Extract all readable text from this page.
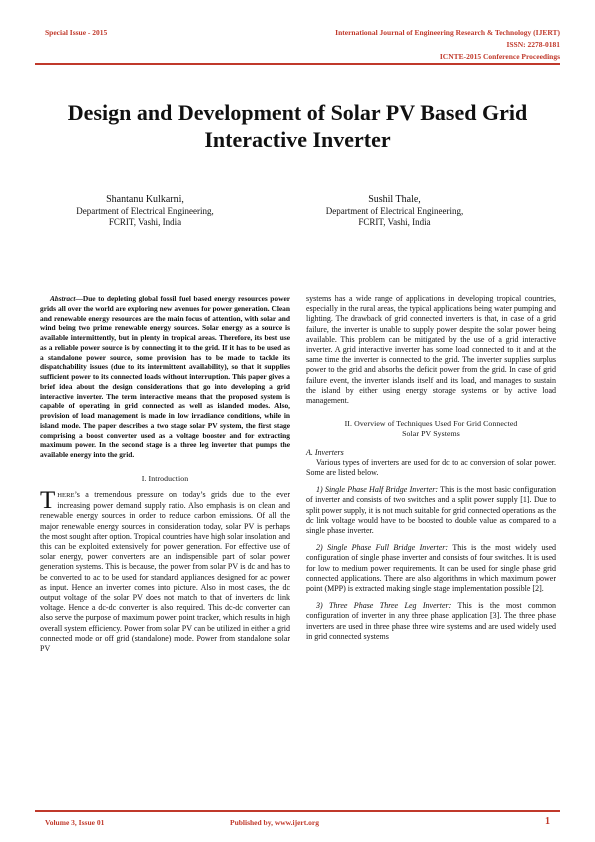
Special Issue - 2015	International Journal of Engineering Research & Technology (IJERT)
ISSN: 2278-0181
ICNTE-2015 Conference Proceedings
Design and Development of Solar PV Based Grid
Interactive Inverter
Shantanu Kulkarni,
Department of Electrical Engineering,
FCRIT, Vashi, India
Sushil Thale,
Department of Electrical Engineering,
FCRIT, Vashi, India

Abstract—Due to depleting global fossil fuel based energy resources power grids all over the world are exploring new avenues for power generation. Clean and renewable energy resources are the main focus of attention, with solar and wind being two prime renewable energy sources. Solar energy as a source is available intermittently, but in plenty in tropical areas. Therefore, its best use as a reliable power source is by connecting it to the grid. If it has to be used as a standalone power source, some provision has to be made to tackle its dispatchability issues (due to its intermittent availability), so that it supplies sufficient power to its connected loads without interruption. This paper gives a brief idea about the design considerations that go into developing a grid interactive inverter. The term interactive means that the proposed system is capable of operating in grid connected as well as islanded modes. Also, provision of load management is made in low irradiance conditions, while in island mode. The paper describes a two stage solar PV system, the first stage comprising a boost converter used as a voltage booster and for extracting maximum power. In the second stage is a three leg inverter that pumps the available energy into the grid.

I. Introduction

THERE’s a tremendous pressure on today’s grids due to the ever increasing power demand supply ratio. Also emphasis is on clean and renewable energy sources in order to reduce carbon emissions. Of all the major renewable energy sources in consideration today, solar PV is perhaps the most sought after option. Tropical countries have high solar insolation and this can be exploited extensively for power generation. For effective use of solar energy, power converters are an indispensible part of solar power generation systems. This is because, the power from solar PV is dc and has to be converted to ac to be used for standard appliances designed for ac power as input. Hence an inverter comes into picture. Also in most cases, the dc output voltage of the solar PV does not match to that of inverters dc link voltage. Hence a dc-dc converter is also required. This dc-dc converter can also serve the purpose of maximum power point tracker, which results in high overall system efficiency. Power from solar PV can be utilized in either a grid connected mode or off grid (standalone) mode. Power from standalone solar PV

systems has a wide range of applications in developing tropical countries, especially in the rural areas, the typical applications being water pumping and lighting. The drawback of grid connected inverters is that, in case of a grid failure, the inverter is unable to supply power despite the solar power being available. This problem can be mitigated by the use of a grid interactive inverter. A grid interactive inverter has some load connected to it and at the same time the inverter is connected to the grid. The inverter supplies surplus power to the grid and absorbs the deficit power from the grid. In case of grid failure event, the inverter islands itself and its load, and manages to sustain the island by either using energy storage systems or by active load management.

II. Overview of Techniques Used For Grid Connected
Solar PV Systems

A. Inverters

Various types of inverters are used for dc to ac conversion of solar power. Some are listed below.

1) Single Phase Half Bridge Inverter: This is the most basic configuration of inverter and consists of two switches and a split power supply [1]. Due to split power supply, it is not much suitable for grid connected operations as the dc link voltage would have to be boosted to double value as compared to a single phase inverter.

2) Single Phase Full Bridge Inverter: This is the most widely used configuration of single phase inverter and consists of four switches. It is used for low to medium power requirements. It can be used for single phase grid connected applications. There are also algorithms in which maximum power point (MPP) is extracted making single stage implementation possible [2].

3) Three Phase Three Leg Inverter: This is the most common configuration of inverter in any three phase application [3]. The three phase inverters are used in three phase three wire systems and are used widely used in grid connected systems

Volume 3, Issue 01	Published by, www.ijert.org	1
